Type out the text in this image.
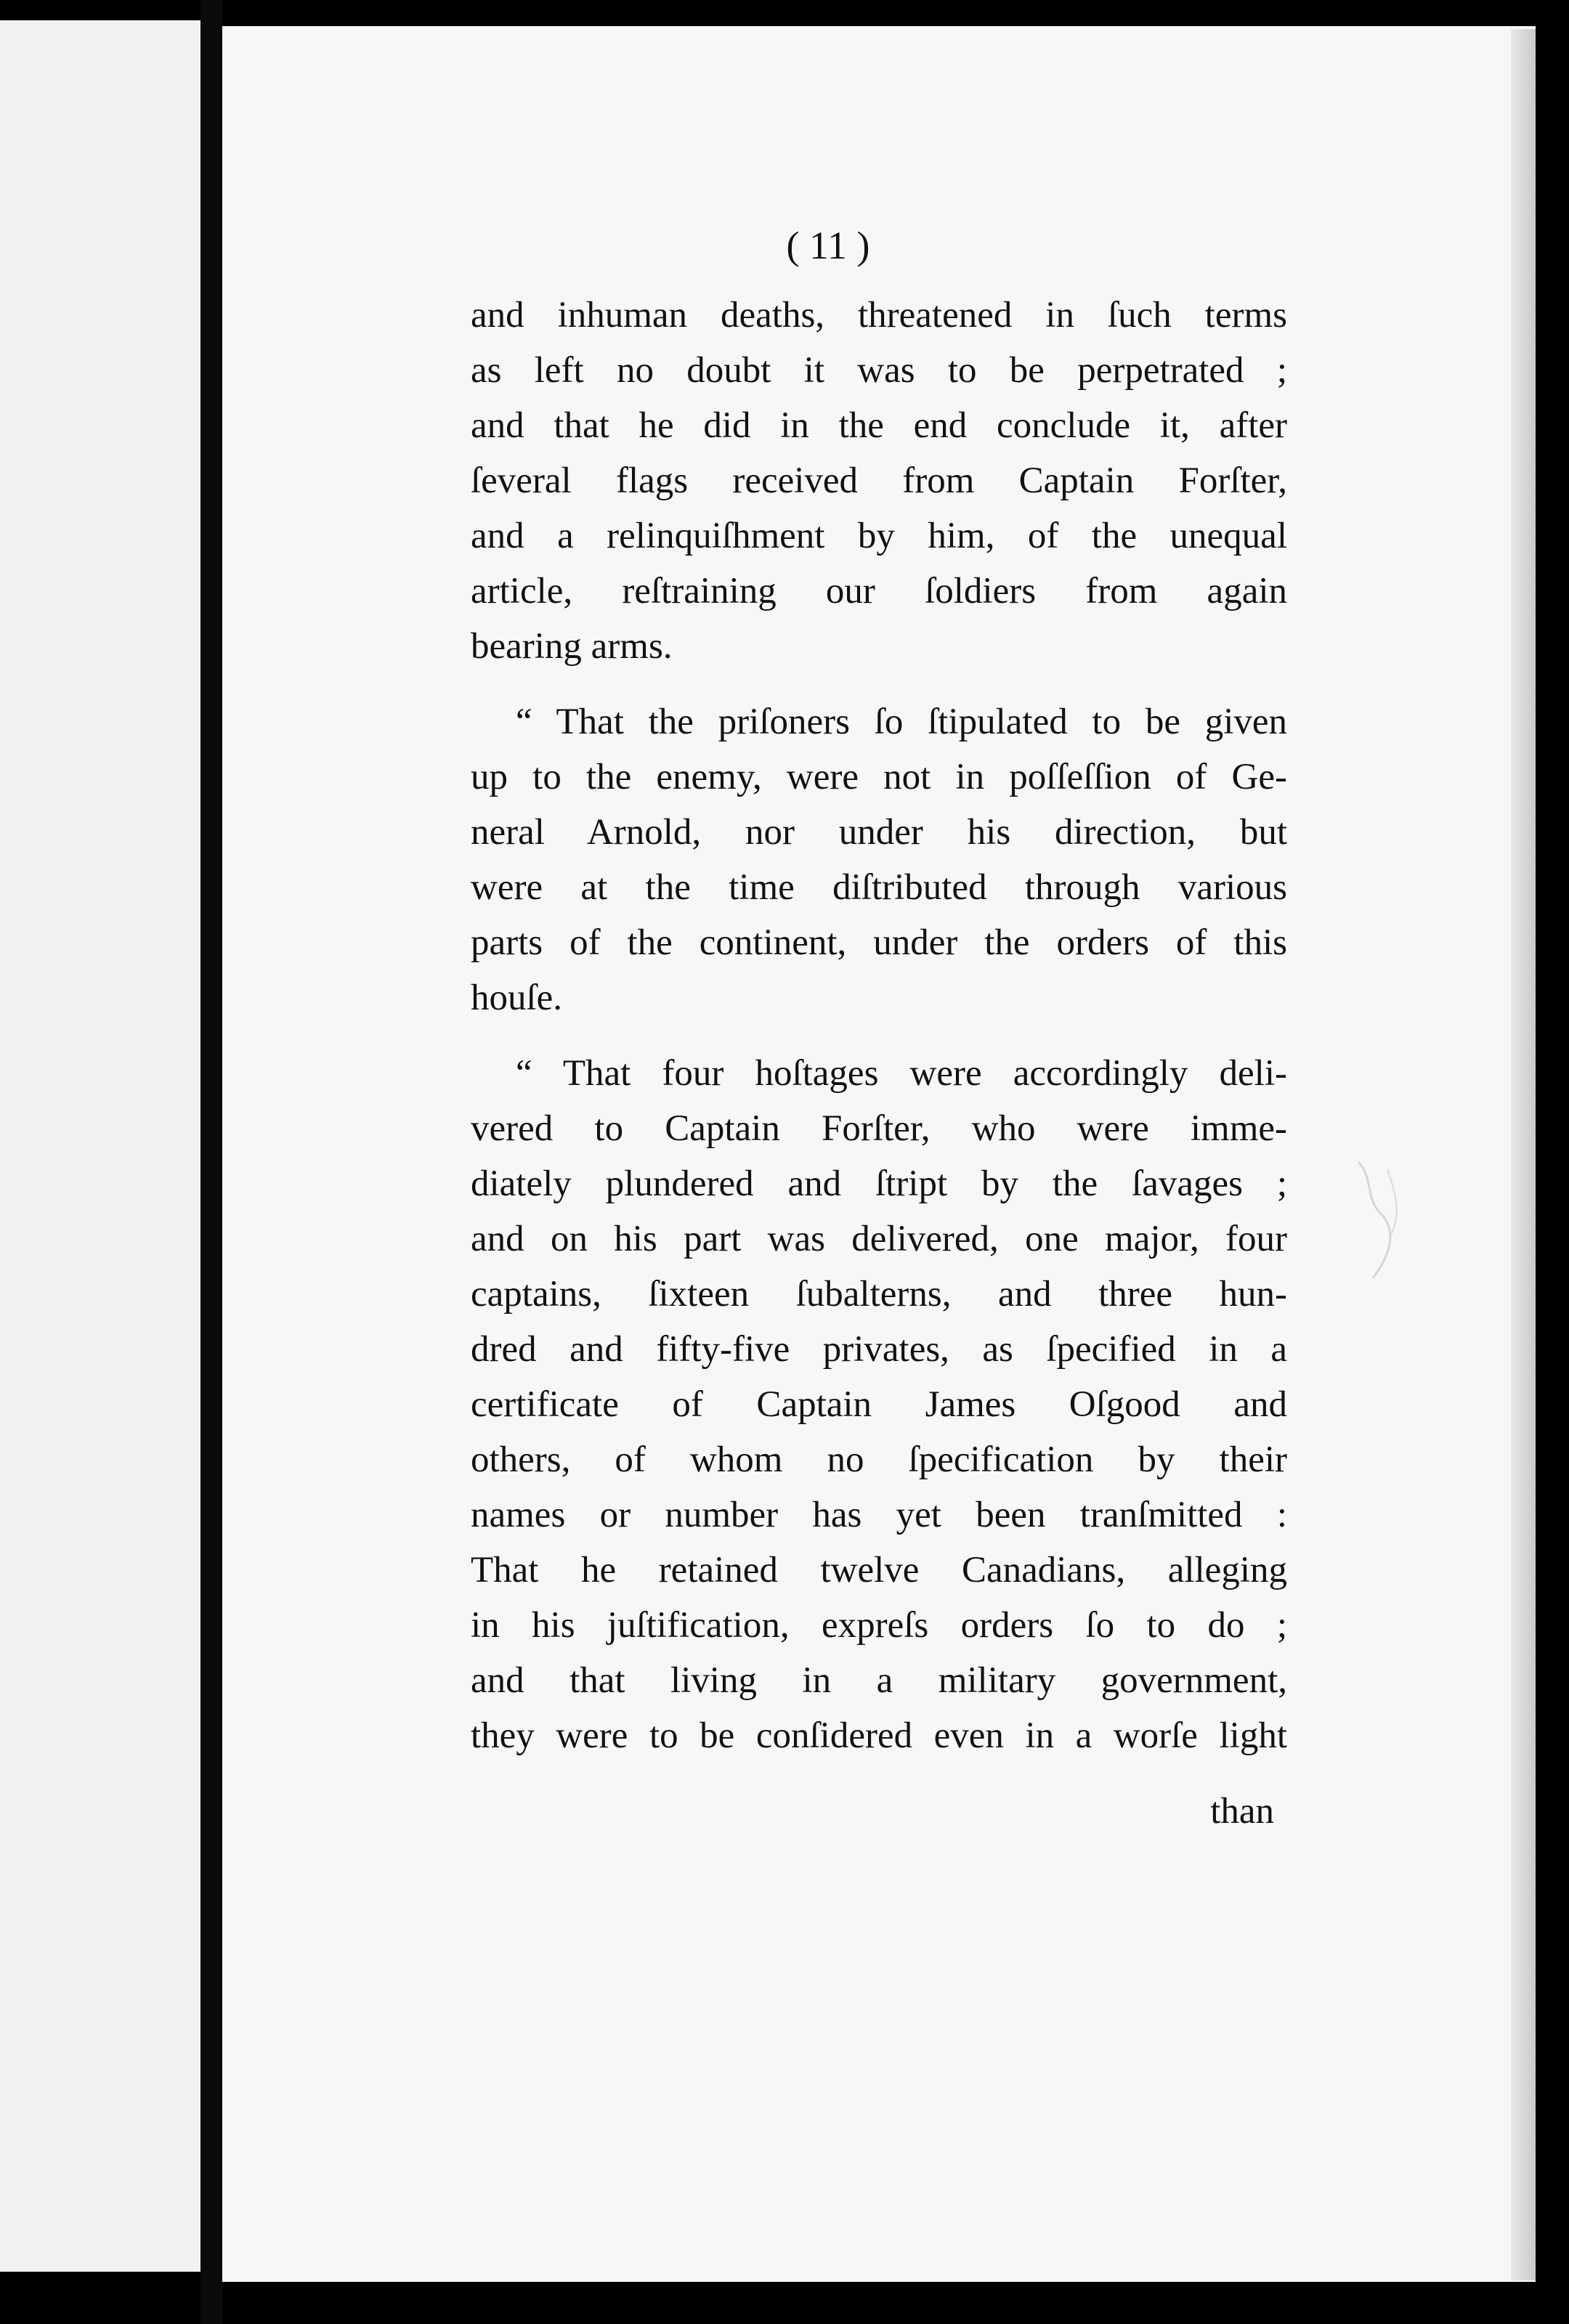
( 11 )
and inhuman deaths, threatened in ſuch terms
as left no doubt it was to be perpetrated ;
and that he did in the end conclude it, after
ſeveral flags received from Captain Forſter,
and a relinquiſhment by him, of the unequal
article, reſtraining our ſoldiers from again
bearing arms.
“ That the priſoners ſo ſtipulated to be given
up to the enemy, were not in poſſeſſion of Ge-
neral Arnold, nor under his direction, but
were at the time diſtributed through various
parts of the continent, under the orders of this
houſe.
“ That four hoſtages were accordingly deli-
vered to Captain Forſter, who were imme-
diately plundered and ſtript by the ſavages ;
and on his part was delivered, one major, four
captains, ſixteen ſubalterns, and three hun-
dred and fifty-five privates, as ſpecified in a
certificate of Captain James Oſgood and
others, of whom no ſpecification by their
names or number has yet been tranſmitted :
That he retained twelve Canadians, alleging
in his juſtification, expreſs orders ſo to do ;
and that living in a military government,
they were to be conſidered even in a worſe light
than
